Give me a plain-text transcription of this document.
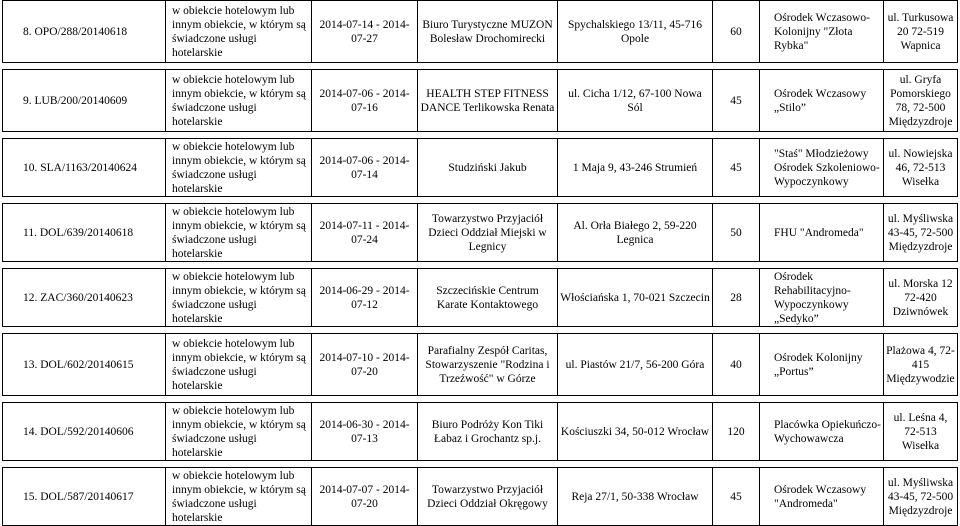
8. OPO/288/20140618	w obiekcie hotelowym lub innym obiekcie, w którym są świadczone usługi hotelarskie	2014-07-14 - 2014-07-27	Biuro Turystyczne MUZON Bolesław Drochomirecki	Spychalskiego 13/11, 45-716 Opole	60	Ośrodek Wczasowo-Kolonijny "Złota Rybka"	ul. Turkusowa 20 72-519 Wapnica

9. LUB/200/20140609	w obiekcie hotelowym lub innym obiekcie, w którym są świadczone usługi hotelarskie	2014-07-06 - 2014-07-16	HEALTH STEP FITNESS DANCE Terlikowska Renata	ul. Cicha 1/12, 67-100 Nowa Sól	45	Ośrodek Wczasowy „Stilo”	ul. Gryfa Pomorskiego 78, 72-500 Międzyzdroje

10. SLA/1163/20140624	w obiekcie hotelowym lub innym obiekcie, w którym są świadczone usługi hotelarskie	2014-07-06 - 2014-07-14	Studziński Jakub	1 Maja 9, 43-246 Strumień	45	"Staś" Młodzieżowy Ośrodek Szkoleniowo-Wypoczynkowy	ul. Nowiejska 46, 72-513 Wisełka

11. DOL/639/20140618	w obiekcie hotelowym lub innym obiekcie, w którym są świadczone usługi hotelarskie	2014-07-11 - 2014-07-24	Towarzystwo Przyjaciół Dzieci Oddział Miejski w Legnicy	Al. Orła Białego 2, 59-220 Legnica	50	FHU "Andromeda"	ul. Myśliwska 43-45, 72-500 Międzyzdroje

12. ZAC/360/20140623	w obiekcie hotelowym lub innym obiekcie, w którym są świadczone usługi hotelarskie	2014-06-29 - 2014-07-12	Szczecińskie Centrum Karate Kontaktowego	Włościańska 1, 70-021 Szczecin	28	Ośrodek Rehabilitacyjno-Wypoczynkowy „Sedyko”	ul. Morska 12 72-420 Dziwnówek

13. DOL/602/20140615	w obiekcie hotelowym lub innym obiekcie, w którym są świadczone usługi hotelarskie	2014-07-10 - 2014-07-20	Parafialny Zespół Caritas, Stowarzyszenie "Rodzina i Trzeźwość" w Górze	ul. Piastów 21/7, 56-200 Góra	40	Ośrodek Kolonijny „Portus”	Plażowa 4, 72-415 Międzywodzie

14. DOL/592/20140606	w obiekcie hotelowym lub innym obiekcie, w którym są świadczone usługi hotelarskie	2014-06-30 - 2014-07-13	Biuro Podróży Kon Tiki Łabaz i Grochantz sp.j.	Kościuszki 34, 50-012 Wrocław	120	Placówka Opiekuńczo-Wychowawcza	ul. Leśna 4, 72-513 Wisełka

15. DOL/587/20140617	w obiekcie hotelowym lub innym obiekcie, w którym są świadczone usługi hotelarskie	2014-07-07 - 2014-07-20	Towarzystwo Przyjaciół Dzieci Oddział Okręgowy	Reja 27/1, 50-338 Wrocław	45	Ośrodek Wczasowy "Andromeda"	ul. Myśliwska 43-45, 72-500 Międzyzdroje
